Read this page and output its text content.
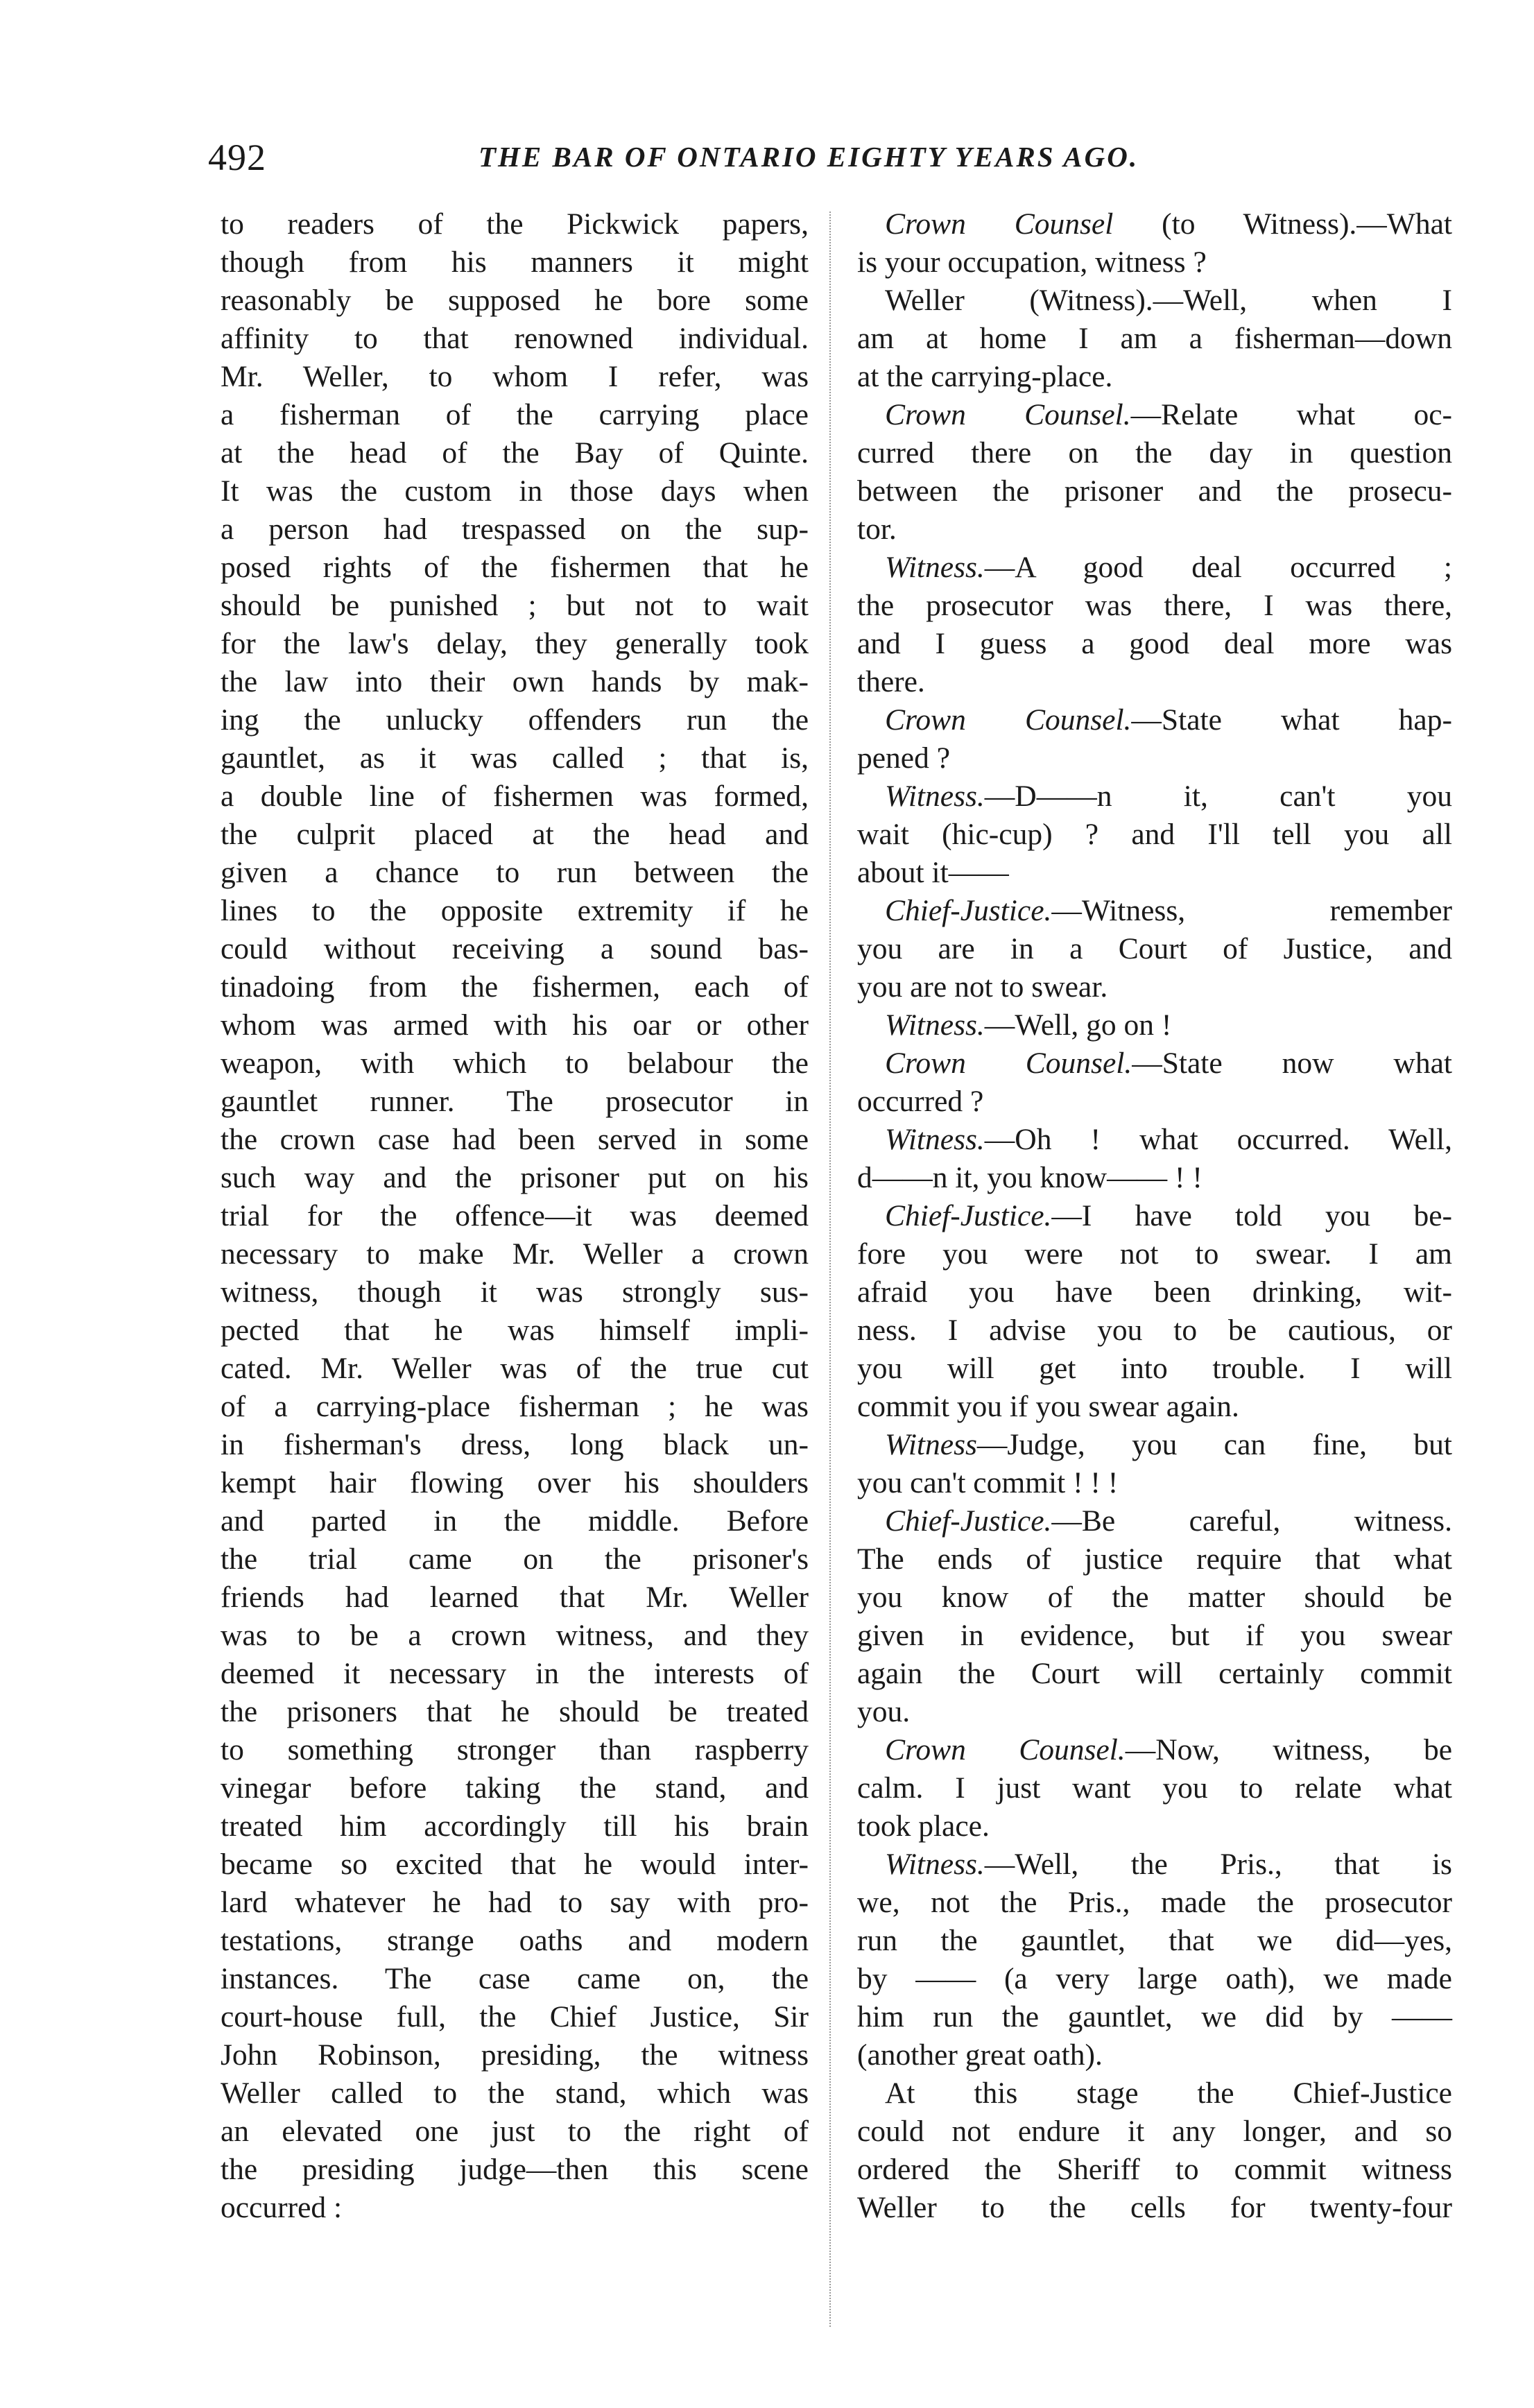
492	THE BAR OF ONTARIO EIGHTY YEARS AGO.
to readers of the Pickwick papers,
though from his manners it might
reasonably be supposed he bore some
affinity to that renowned individual.
Mr. Weller, to whom I refer, was
a fisherman of the carrying place
at the head of the Bay of Quinte.
It was the custom in those days when
a person had trespassed on the sup-
posed rights of the fishermen that he
should be punished ; but not to wait
for the law's delay, they generally took
the law into their own hands by mak-
ing the unlucky offenders run the
gauntlet, as it was called ; that is,
a double line of fishermen was formed,
the culprit placed at the head and
given a chance to run between the
lines to the opposite extremity if he
could without receiving a sound bas-
tinadoing from the fishermen, each of
whom was armed with his oar or other
weapon, with which to belabour the
gauntlet runner. The prosecutor in
the crown case had been served in some
such way and the prisoner put on his
trial for the offence—it was deemed
necessary to make Mr. Weller a crown
witness, though it was strongly sus-
pected that he was himself impli-
cated. Mr. Weller was of the true cut
of a carrying-place fisherman ; he was
in fisherman's dress, long black un-
kempt hair flowing over his shoulders
and parted in the middle. Before
the trial came on the prisoner's
friends had learned that Mr. Weller
was to be a crown witness, and they
deemed it necessary in the interests of
the prisoners that he should be treated
to something stronger than raspberry
vinegar before taking the stand, and
treated him accordingly till his brain
became so excited that he would inter-
lard whatever he had to say with pro-
testations, strange oaths and modern
instances. The case came on, the
court-house full, the Chief Justice, Sir
John Robinson, presiding, the witness
Weller called to the stand, which was
an elevated one just to the right of
the presiding judge—then this scene
occurred :
Crown Counsel (to Witness).—What
is your occupation, witness ?
Weller (Witness).—Well, when I
am at home I am a fisherman—down
at the carrying-place.
Crown Counsel.—Relate what oc-
curred there on the day in question
between the prisoner and the prosecu-
tor.
Witness.—A good deal occurred ;
the prosecutor was there, I was there,
and I guess a good deal more was
there.
Crown Counsel.—State what hap-
pened ?
Witness.—D——n it, can't you
wait (hic-cup) ? and I'll tell you all
about it——
Chief-Justice.—Witness, remember
you are in a Court of Justice, and
you are not to swear.
Witness.—Well, go on !
Crown Counsel.—State now what
occurred ?
Witness.—Oh ! what occurred. Well,
d——n it, you know—— ! !
Chief-Justice.—I have told you be-
fore you were not to swear. I am
afraid you have been drinking, wit-
ness. I advise you to be cautious, or
you will get into trouble. I will
commit you if you swear again.
Witness—Judge, you can fine, but
you can't commit ! ! !
Chief-Justice.—Be careful, witness.
The ends of justice require that what
you know of the matter should be
given in evidence, but if you swear
again the Court will certainly commit
you.
Crown Counsel.—Now, witness, be
calm. I just want you to relate what
took place.
Witness.—Well, the Pris., that is
we, not the Pris., made the prosecutor
run the gauntlet, that we did—yes,
by —— (a very large oath), we made
him run the gauntlet, we did by ——
(another great oath).
At this stage the Chief-Justice
could not endure it any longer, and so
ordered the Sheriff to commit witness
Weller to the cells for twenty-four
